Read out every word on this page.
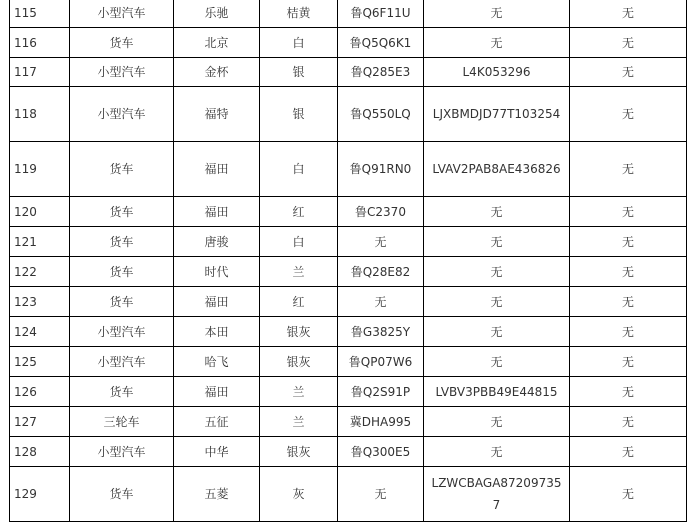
115	小型汽车	乐驰	桔黄	鲁Q6F11U	无	无
116	货车	北京	白	鲁Q5Q6K1	无	无
117	小型汽车	金杯	银	鲁Q285E3	L4K053296	无
118	小型汽车	福特	银	鲁Q550LQ	LJXBMDJD77T103254	无
119	货车	福田	白	鲁Q91RN0	LVAV2PAB8AE436826	无
120	货车	福田	红	鲁C2370	无	无
121	货车	唐骏	白	无	无	无
122	货车	时代	兰	鲁Q28E82	无	无
123	货车	福田	红	无	无	无
124	小型汽车	本田	银灰	鲁G3825Y	无	无
125	小型汽车	哈飞	银灰	鲁QP07W6	无	无
126	货车	福田	兰	鲁Q2S91P	LVBV3PBB49E44815	无
127	三轮车	五征	兰	冀DHA995	无	无
128	小型汽车	中华	银灰	鲁Q300E5	无	无
129	货车	五菱	灰	无	LZWCBAGA872097357	无
